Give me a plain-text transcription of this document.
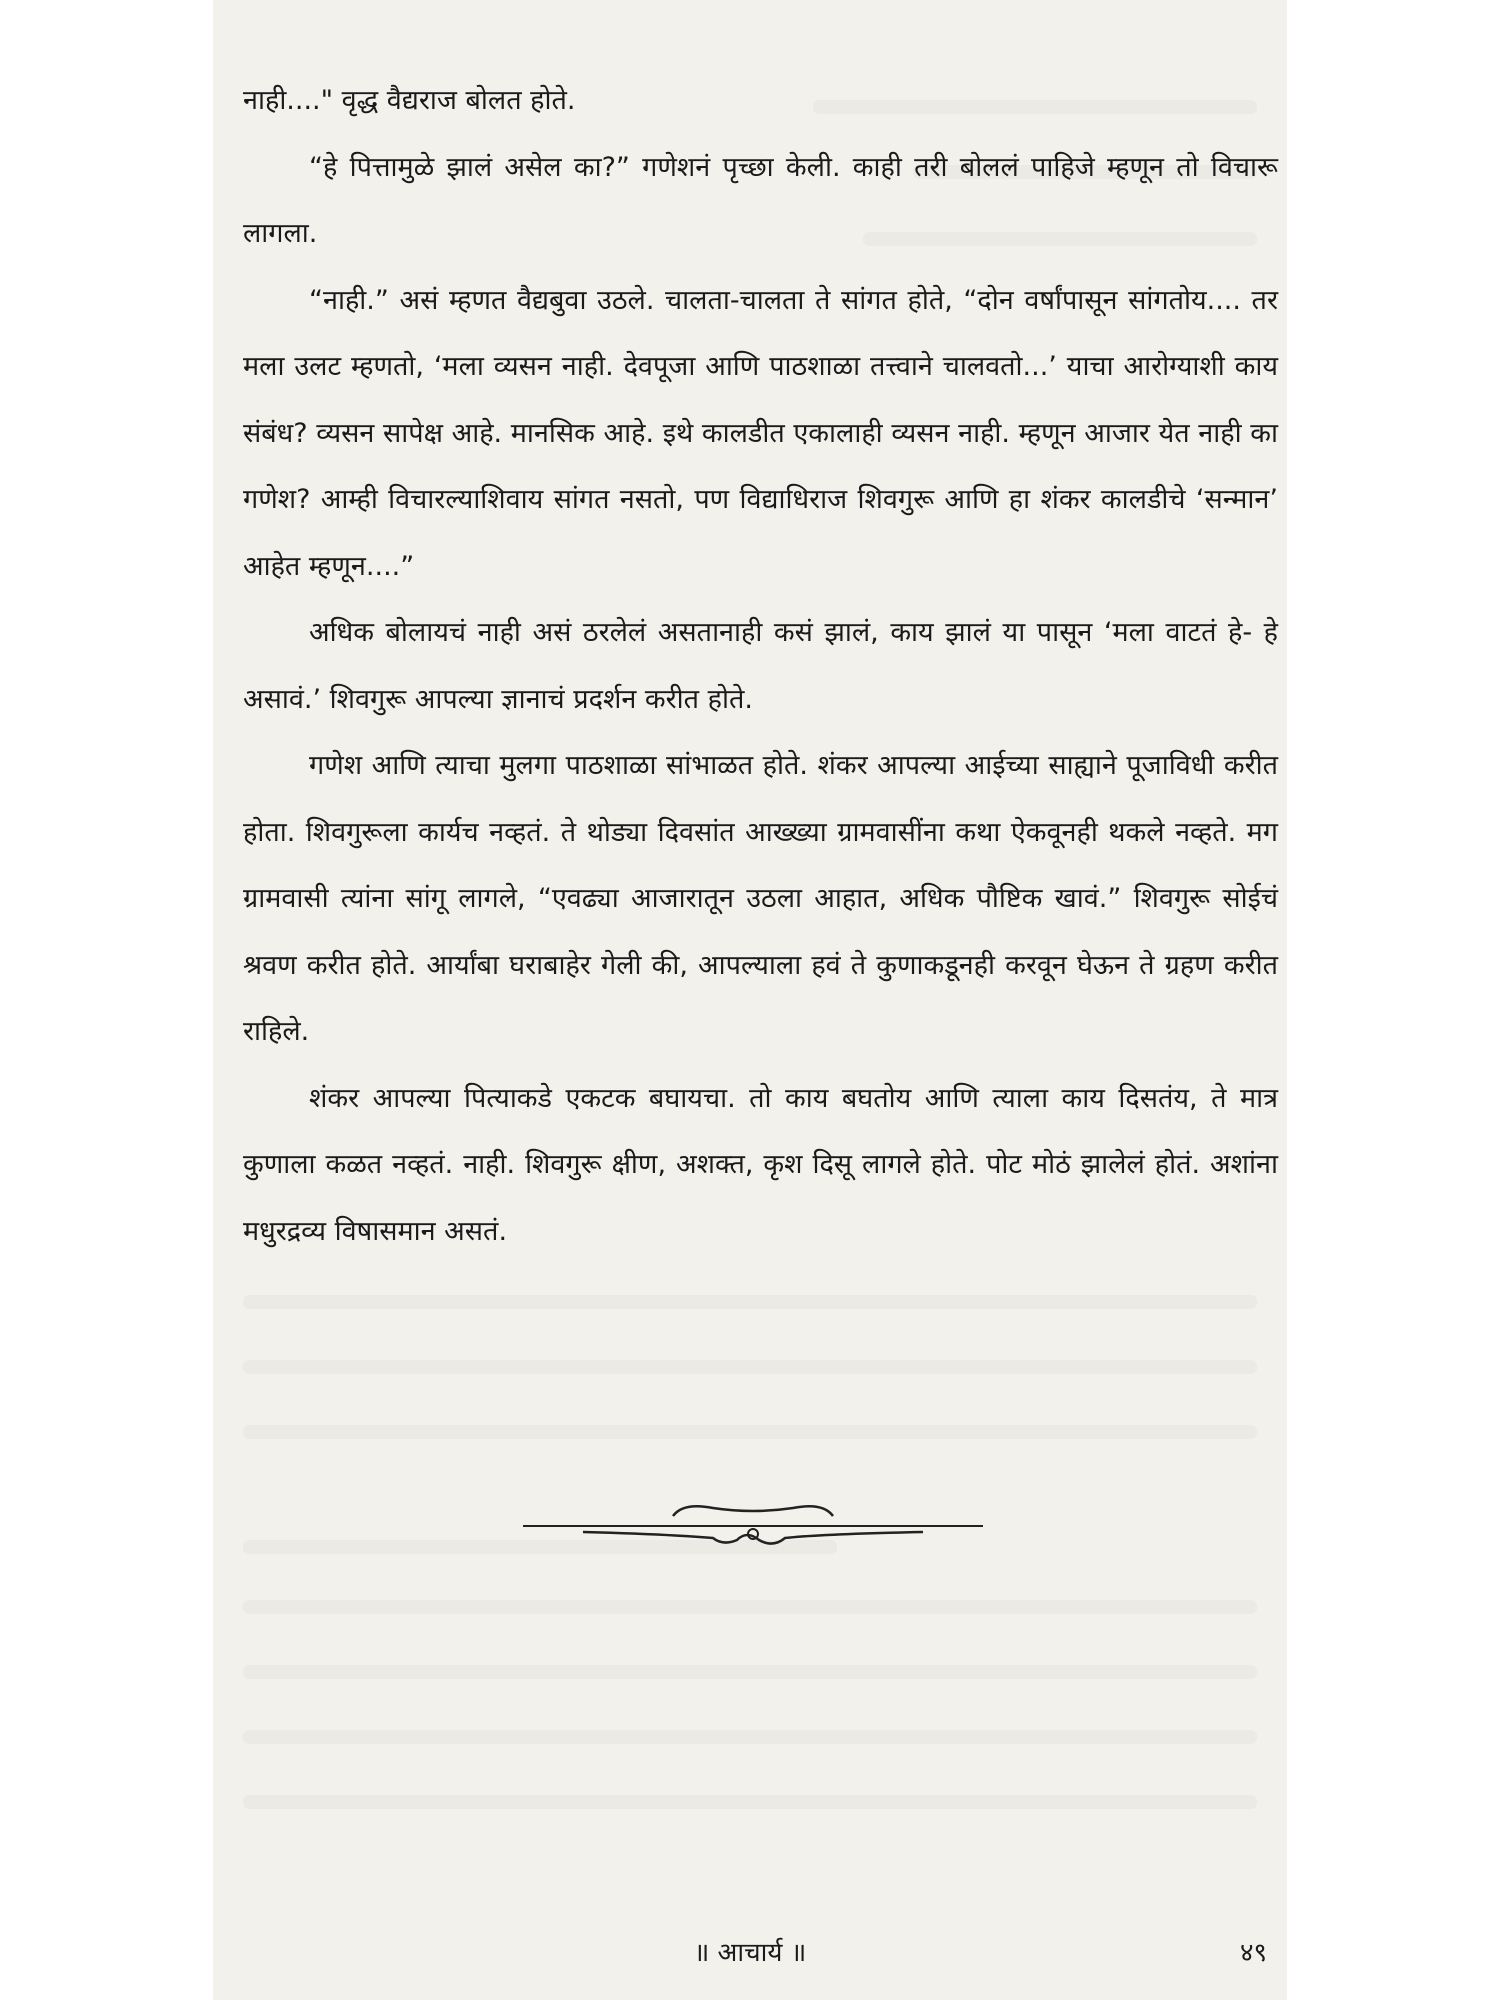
नाही...." वृद्ध वैद्यराज बोलत होते.

“हे पित्तामुळे झालं असेल का?” गणेशनं पृच्छा केली. काही तरी बोललं पाहिजे म्हणून तो विचारू लागला.

“नाही.” असं म्हणत वैद्यबुवा उठले. चालता-चालता ते सांगत होते, “दोन वर्षांपासून सांगतोय.... तर मला उलट म्हणतो, ‘मला व्यसन नाही. देवपूजा आणि पाठशाळा तत्त्वाने चालवतो...’ याचा आरोग्याशी काय संबंध? व्यसन सापेक्ष आहे. मानसिक आहे. इथे कालडीत एकालाही व्यसन नाही. म्हणून आजार येत नाही का गणेश? आम्ही विचारल्याशिवाय सांगत नसतो, पण विद्याधिराज शिवगुरू आणि हा शंकर कालडीचे ‘सन्मान’ आहेत म्हणून....”

अधिक बोलायचं नाही असं ठरलेलं असतानाही कसं झालं, काय झालं या पासून ‘मला वाटतं हे- हे असावं.’ शिवगुरू आपल्या ज्ञानाचं प्रदर्शन करीत होते.

गणेश आणि त्याचा मुलगा पाठशाळा सांभाळत होते. शंकर आपल्या आईच्या साह्याने पूजाविधी करीत होता. शिवगुरूला कार्यच नव्हतं. ते थोड्या दिवसांत आख्ख्या ग्रामवासींना कथा ऐकवूनही थकले नव्हते. मग ग्रामवासी त्यांना सांगू लागले, “एवढ्या आजारातून उठला आहात, अधिक पौष्टिक खावं.” शिवगुरू सोईचं श्रवण करीत होते. आर्यांबा घराबाहेर गेली की, आपल्याला हवं ते कुणाकडूनही करवून घेऊन ते ग्रहण करीत राहिले.

शंकर आपल्या पित्याकडे एकटक बघायचा. तो काय बघतोय आणि त्याला काय दिसतंय, ते मात्र कुणाला कळत नव्हतं. नाही. शिवगुरू क्षीण, अशक्त, कृश दिसू लागले होते. पोट मोठं झालेलं होतं. अशांना मधुरद्रव्य विषासमान असतं.

॥ आचार्य ॥	४९
